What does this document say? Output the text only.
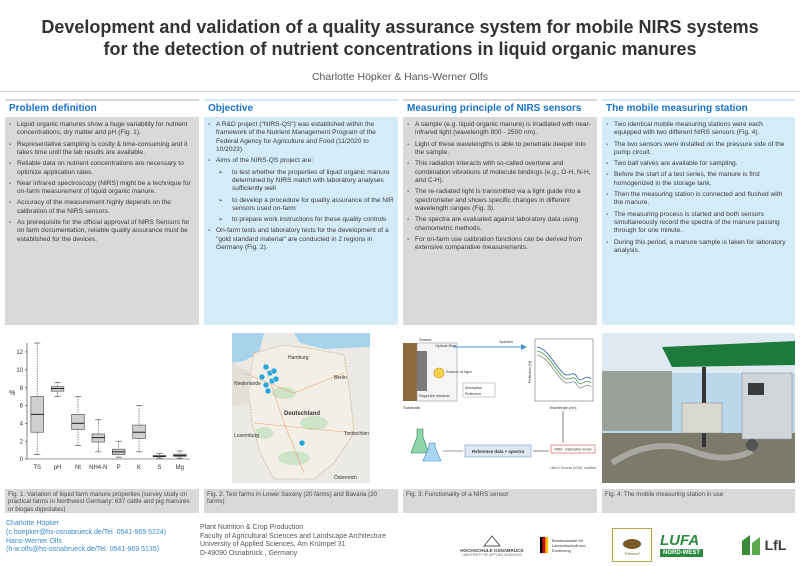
Development and validation of a quality assurance system for mobile NIRS systems
for the detection of nutrient concentrations in liquid organic manures
Charlotte Höpker & Hans-Werner Olfs
Problem definition
▪ Liquid organic manures show a huge variability for nutrient concentrations, dry matter and pH (Fig. 1).
▪ Representative sampling is costly & time-consuming and it takes time until the lab results are available.
▪ Reliable data on nutrient concentrations are necessary to optimize application rates.
▪ Near infrared spectroscopy (NIRS) might be a technique for on-farm measurement of liquid organic manure.
▪ Accuracy of the measurement highly depends on the calibration of the NIRS sensors.
▪ As prerequisite for the official approval of NIRS Sensors for on farm documentation, reliable quality assurance must be established for the devices.
Objective
▪ A R&D project ("NIRS-QS") was established within the framework of the Nutrient Management Program of the Federal Agency for Agriculture and Food (11/2020 to 10/2023).
▪ Aims of the NIRS-QS project are:
➢ to test whether the properties of liquid organic manure determined by NIRS match with laboratory analyses sufficiently well
➢ to develop a procedure for quality assurance of the NIR sensors used on-farm
➢ to prepare work instructions for these quality controls
▪ On-farm tests and laboratory tests for the development of a "gold standard material" are conducted in 2 regions in Germany (Fig. 2).
Measuring principle of NIRS sensors
▪ A sample (e.g. liquid organic manure) is irradiated with near-infrared light (wavelength 800 - 2500 nm).
▪ Light of these wavelengths is able to penetrate deeper into the sample.
▪ This radiation interacts with so-called overtone and combination vibrations of molecule bindings (e.g., O-H, N-H, and C-H).
▪ The re-radiated light is transmitted via a light guide into a spectrometer and shows specific changes in different wavelength ranges (Fig. 3).
▪ The spectra are evaluated against laboratory data using chemometric methods.
▪ For on-farm use calibration functions can be derived from extensive comparative measurements.
The mobile measuring station
▪ Two identical mobile measuring stations were each equipped with two different NIRS sensors (Fig. 4).
▪ The two sensors were installed on the pressure side of the pump circuit.
▪ Two ball valves are available for sampling.
▪ Before the start of a test series, the manure is first homogenized in the storage tank.
▪ Then the measuring station is connected and flushed with the manure.
▪ The measuring process is started and both sensors simultaneously record the spectra of the manure passing through for one minute.
▪ During this period, a manure sample is taken for laboratory analysis.
%
0
2
4
6
8
10
12
TS pH Nt NH4-N P	K	S Mg
Niederlande
Hamburg
Berlin
Deutschland
Luxemburg	Tschechien
Österreich
Sensor
Optical fibre
Spectra
Source of light
Sapphire window
Substrate
Absorption
Reflection
Wavelength [nm]
Reflection [%]
Reference data + spectra	NIRS - Estimation model
Liebl & Thomas (2018), modified
Fig. 1: Variation of liquid farm manure properties (survey study on practical farms in Northwest Germany: 637 cattle and pig manures or biogas digestates)
Fig. 2: Test farms in Lower Saxony (20 farms) and Bavaria (20 farms)
Fig. 3: Functionality of a NIRS sensor	Fig. 4: The mobile measuring station in use
Charlotte Höpker
(c.hoepker@hs-osnabrueck.de/Tel. 0541-969 5224)
Hans-Werner Olfs
(h-w.olfs@hs-osnabrueck.de/Tel. 0541-969 5135)
Plant Nutrition & Crop Production
Faculty of Agricultural Sciences and Landscape Architecture
University of Applied Sciences, Am Krümpel 31
D-49090 Osnabrück , Germany	HOCHSCHULE OSNABRÜCK
UNIVERSITY OF APPLIED SCIENCES
Bundesanstalt für
Landwirtschaft und Ernährung
Trieskorf
LUFA
NORD-WEST	LfL
